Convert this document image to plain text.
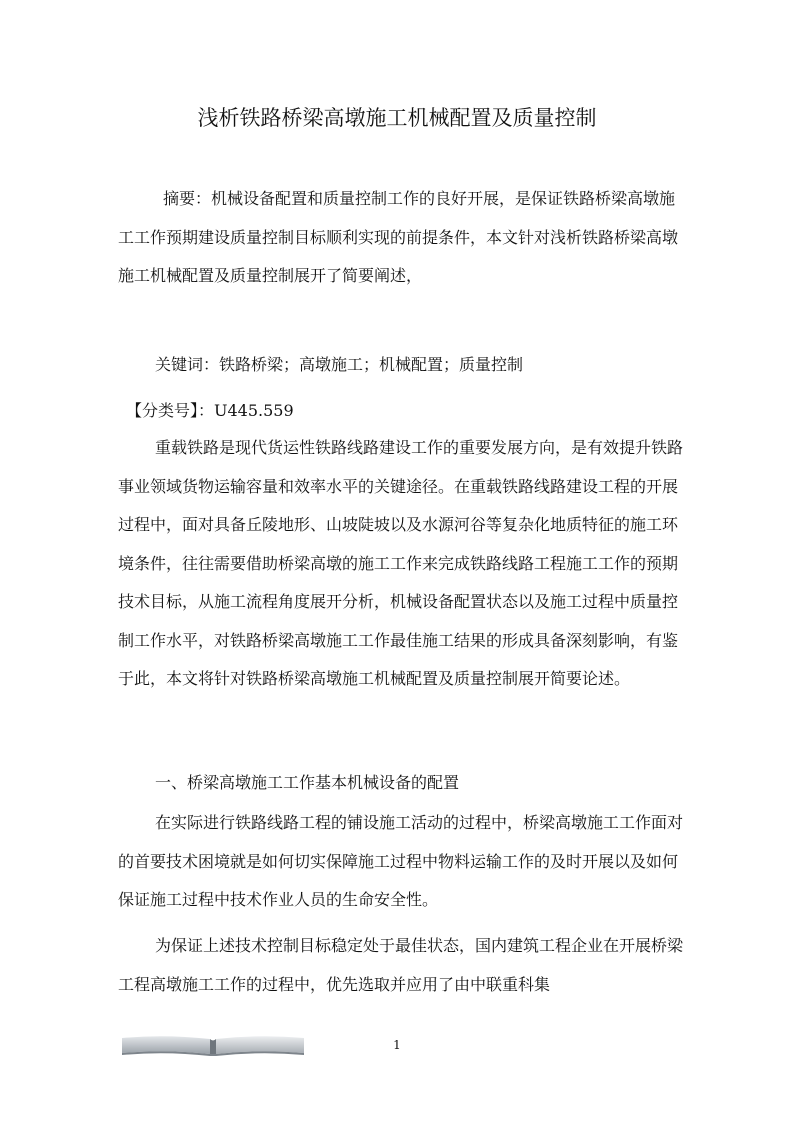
浅析铁路桥梁高墩施工机械配置及质量控制

摘要：机械设备配置和质量控制工作的良好开展，是保证铁路桥梁高墩施工工作预期建设质量控制目标顺利实现的前提条件，本文针对浅析铁路桥梁高墩施工机械配置及质量控制展开了简要阐述，

关键词：铁路桥梁；高墩施工；机械配置；质量控制

【分类号】：U445.559

重载铁路是现代货运性铁路线路建设工作的重要发展方向，是有效提升铁路事业领域货物运输容量和效率水平的关键途径。在重载铁路线路建设工程的开展过程中，面对具备丘陵地形、山坡陡坡以及水源河谷等复杂化地质特征的施工环境条件，往往需要借助桥梁高墩的施工工作来完成铁路线路工程施工工作的预期技术目标，从施工流程角度展开分析，机械设备配置状态以及施工过程中质量控制工作水平，对铁路桥梁高墩施工工作最佳施工结果的形成具备深刻影响，有鉴于此，本文将针对铁路桥梁高墩施工机械配置及质量控制展开简要论述。

一、桥梁高墩施工工作基本机械设备的配置

在实际进行铁路线路工程的铺设施工活动的过程中，桥梁高墩施工工作面对的首要技术困境就是如何切实保障施工过程中物料运输工作的及时开展以及如何保证施工过程中技术作业人员的生命安全性。

为保证上述技术控制目标稳定处于最佳状态，国内建筑工程企业在开展桥梁工程高墩施工工作的过程中，优先选取并应用了由中联重科集

1
